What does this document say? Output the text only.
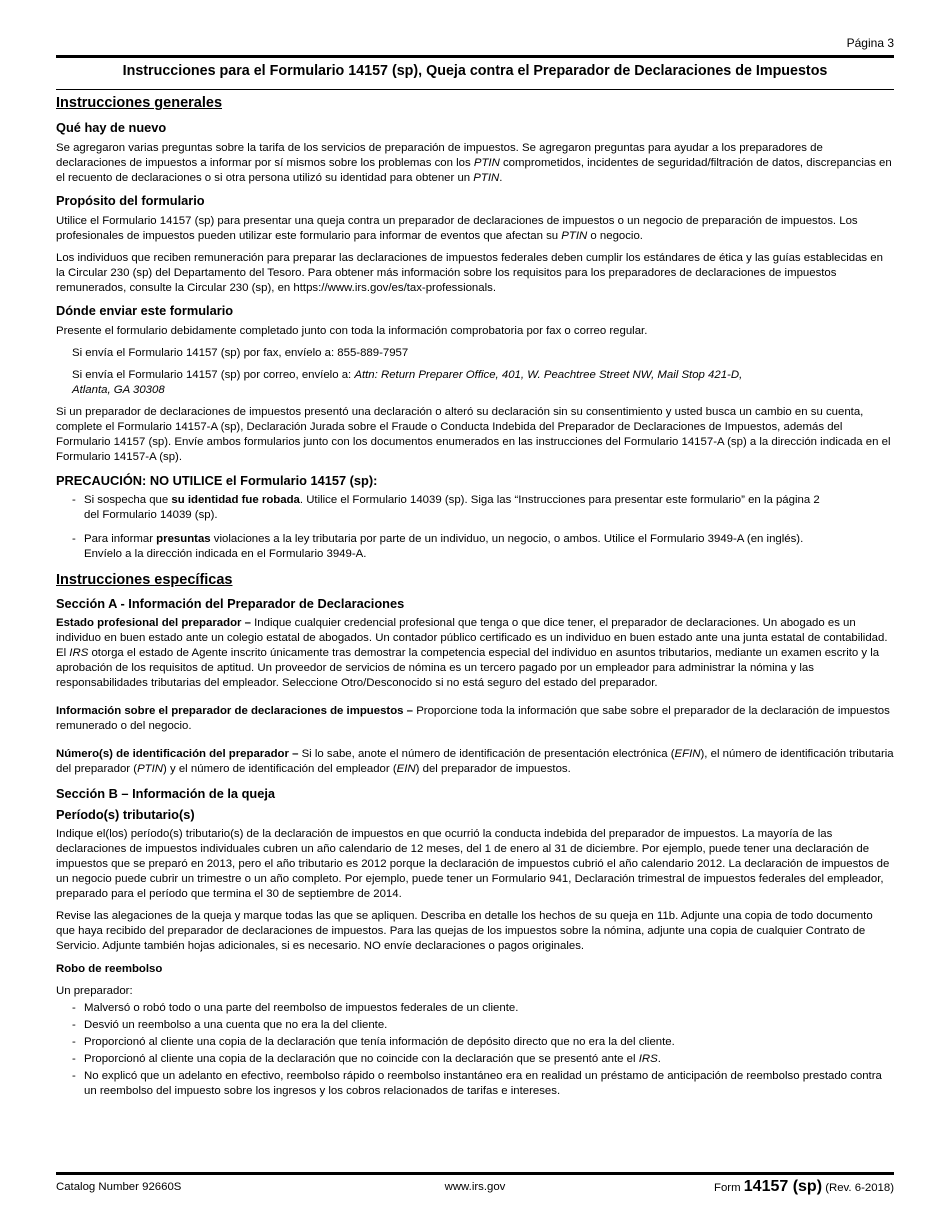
Página 3
Instrucciones para el Formulario 14157 (sp), Queja contra el Preparador de Declaraciones de Impuestos
Instrucciones generales
Qué hay de nuevo

Se agregaron varias preguntas sobre la tarifa de los servicios de preparación de impuestos. Se agregaron preguntas para ayudar a los preparadores de declaraciones de impuestos a informar por sí mismos sobre los problemas con los PTIN comprometidos, incidentes de seguridad/filtración de datos, discrepancias en el recuento de declaraciones o si otra persona utilizó su identidad para obtener un PTIN.

Propósito del formulario

Utilice el Formulario 14157 (sp) para presentar una queja contra un preparador de declaraciones de impuestos o un negocio de preparación de impuestos. Los profesionales de impuestos pueden utilizar este formulario para informar de eventos que afectan su PTIN o negocio.

Los individuos que reciben remuneración para preparar las declaraciones de impuestos federales deben cumplir los estándares de ética y las guías establecidas en la Circular 230 (sp) del Departamento del Tesoro. Para obtener más información sobre los requisitos para los preparadores de declaraciones de impuestos remunerados, consulte la Circular 230 (sp), en https://www.irs.gov/es/tax-professionals.

Dónde enviar este formulario

Presente el formulario debidamente completado junto con toda la información comprobatoria por fax o correo regular.

Si envía el Formulario 14157 (sp) por fax, envíelo a: 855-889-7957

Si envía el Formulario 14157 (sp) por correo, envíelo a: Attn: Return Preparer Office, 401, W. Peachtree Street NW, Mail Stop 421-D,
Atlanta, GA 30308

Si un preparador de declaraciones de impuestos presentó una declaración o alteró su declaración sin su consentimiento y usted busca un cambio en su cuenta, complete el Formulario 14157-A (sp), Declaración Jurada sobre el Fraude o Conducta Indebida del Preparador de Declaraciones de Impuestos, además del Formulario 14157 (sp). Envíe ambos formularios junto con los documentos enumerados en las instrucciones del Formulario 14157-A (sp) a la dirección indicada en el Formulario 14157-A (sp).

PRECAUCIÓN: NO UTILICE el Formulario 14157 (sp):
- Si sospecha que su identidad fue robada. Utilice el Formulario 14039 (sp). Siga las “Instrucciones para presentar este formulario” en la página 2 del Formulario 14039 (sp).
- Para informar presuntas violaciones a la ley tributaria por parte de un individuo, un negocio, o ambos. Utilice el Formulario 3949-A (en inglés). Envíelo a la dirección indicada en el Formulario 3949-A.
Instrucciones específicas
Sección A - Información del Preparador de Declaraciones

Estado profesional del preparador – Indique cualquier credencial profesional que tenga o que dice tener, el preparador de declaraciones. Un abogado es un individuo en buen estado ante un colegio estatal de abogados. Un contador público certificado es un individuo en buen estado ante una junta estatal de contabilidad. El IRS otorga el estado de Agente inscrito únicamente tras demostrar la competencia especial del individuo en asuntos tributarios, mediante un examen escrito y la aprobación de los requisitos de aptitud. Un proveedor de servicios de nómina es un tercero pagado por un empleador para administrar la nómina y las responsabilidades tributarias del empleador. Seleccione Otro/Desconocido si no está seguro del estado del preparador.

Información sobre el preparador de declaraciones de impuestos – Proporcione toda la información que sabe sobre el preparador de la declaración de impuestos remunerado o del negocio.

Número(s) de identificación del preparador – Si lo sabe, anote el número de identificación de presentación electrónica (EFIN), el número de identificación tributaria del preparador (PTIN) y el número de identificación del empleador (EIN) del preparador de impuestos.

Sección B – Información de la queja
Período(s) tributario(s)

Indique el(los) período(s) tributario(s) de la declaración de impuestos en que ocurrió la conducta indebida del preparador de impuestos. La mayoría de las declaraciones de impuestos individuales cubren un año calendario de 12 meses, del 1 de enero al 31 de diciembre. Por ejemplo, puede tener una declaración de impuestos que se preparó en 2013, pero el año tributario es 2012 porque la declaración de impuestos cubrió el año calendario 2012. La declaración de impuestos de un negocio puede cubrir un trimestre o un año completo. Por ejemplo, puede tener un Formulario 941, Declaración trimestral de impuestos federales del empleador, preparado para el período que termina el 30 de septiembre de 2014.

Revise las alegaciones de la queja y marque todas las que se apliquen. Describa en detalle los hechos de su queja en 11b. Adjunte una copia de todo documento que haya recibido del preparador de declaraciones de impuestos. Para las quejas de los impuestos sobre la nómina, adjunte una copia de cualquier Contrato de Servicio. Adjunte también hojas adicionales, si es necesario. NO envíe declaraciones o pagos originales.

Robo de reembolso

Un preparador:

- Malversó o robó todo o una parte del reembolso de impuestos federales de un cliente.
- Desvió un reembolso a una cuenta que no era la del cliente.
- Proporcionó al cliente una copia de la declaración que tenía información de depósito directo que no era la del cliente.
- Proporcionó al cliente una copia de la declaración que no coincide con la declaración que se presentó ante el IRS.
- No explicó que un adelanto en efectivo, reembolso rápido o reembolso instantáneo era en realidad un préstamo de anticipación de reembolso prestado contra un reembolso del impuesto sobre los ingresos y los cobros relacionados de tarifas e intereses.
Catalog Number 92660S	www.irs.gov	Form 14157 (sp) (Rev. 6-2018)
